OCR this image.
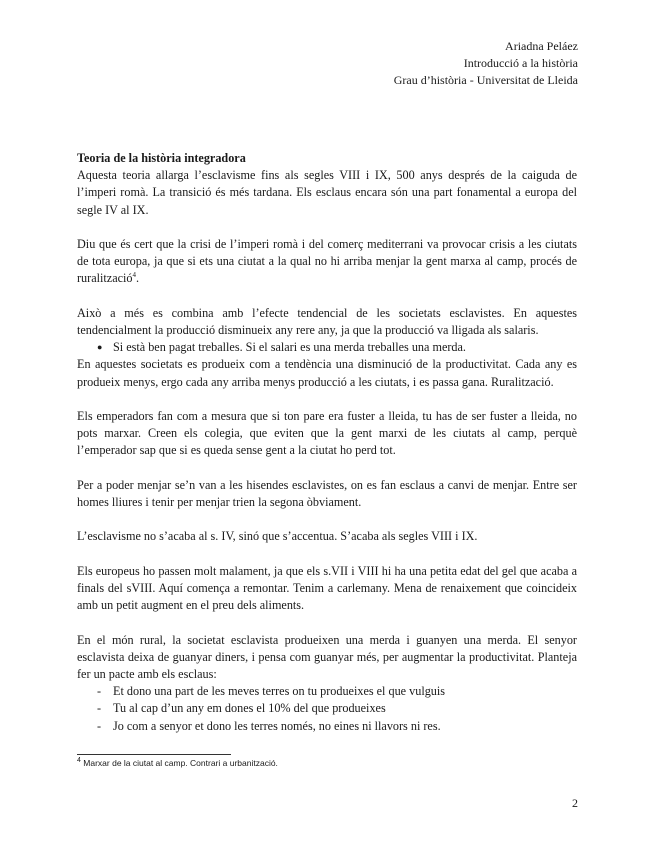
Ariadna Peláez
Introducció a la història
Grau d’història - Universitat de Lleida

Teoria de la història integradora

Aquesta teoria allarga l’esclavisme fins als segles VIII i IX, 500 anys després de la caiguda de l’imperi romà. La transició és més tardana. Els esclaus encara són una part fonamental a europa del segle IV al IX.

Diu que és cert que la crisi de l’imperi romà i del comerç mediterrani va provocar crisis a les ciutats de tota europa, ja que si ets una ciutat a la qual no hi arriba menjar la gent marxa al camp, procés de ruralització$^4$.

Això a més es combina amb l’efecte tendencial de les societats esclavistes. En aquestes tendencialment la producció disminueix any rere any, ja que la producció va lligada als salaris.

● Si està ben pagat treballes. Si el salari es una merda treballes una merda.

En aquestes societats es produeix com a tendència una disminució de la productivitat. Cada any es produeix menys, ergo cada any arriba menys producció a les ciutats, i es passa gana. Ruralització.

Els emperadors fan com a mesura que si ton pare era fuster a lleida, tu has de ser fuster a lleida, no pots marxar. Creen els colegia, que eviten que la gent marxi de les ciutats al camp, perquè l’emperador sap que si es queda sense gent a la ciutat ho perd tot.

Per a poder menjar se’n van a les hisendes esclavistes, on es fan esclaus a canvi de menjar. Entre ser homes lliures i tenir per menjar trien la segona òbviament.

L’esclavisme no s’acaba al s. IV, sinó que s’accentua. S’acaba als segles VIII i IX.

Els europeus ho passen molt malament, ja que els s.VII i VIII hi ha una petita edat del gel que acaba a finals del sVIII. Aquí comença a remontar. Tenim a carlemany. Mena de renaixement que coincideix amb un petit augment en el preu dels aliments.

En el món rural, la societat esclavista produeixen una merda i guanyen una merda. El senyor esclavista deixa de guanyar diners, i pensa com guanyar més, per augmentar la productivitat. Planteja fer un pacte amb els esclaus:

- Et dono una part de les meves terres on tu produeixes el que vulguis
- Tu al cap d’un any em dones el 10% del que produeixes
- Jo com a senyor et dono les terres només, no eines ni llavors ni res.
$^4$ Marxar de la ciutat al camp. Contrari a urbanització.
2
